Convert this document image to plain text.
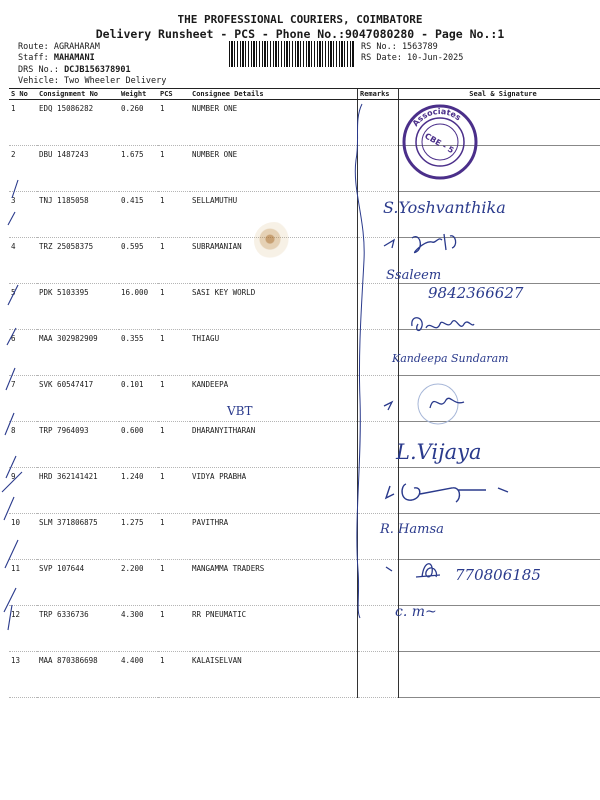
THE PROFESSIONAL COURIERS, COIMBATORE
Delivery Runsheet - PCS - Phone No.:9047080280 - Page No.:1
Route: AGRAHARAM
Staff: MAHAMANI
DRS No.: DCJB156378901
Vehicle: Two Wheeler Delivery
RS No.: 1563789
RS Date: 10-Jun-2025
S No	Consignment No	Weight	PCS	Consignee Details	Remarks	Seal & Signature
1	EDQ 15086282	0.260	1	NUMBER ONE		
2	DBU 1487243	1.675	1	NUMBER ONE		
3	TNJ 1185058	0.415	1	SELLAMUTHU		
4	TRZ 25058375	0.595	1	SUBRAMANIAN		
5	PDK 5103395	16.000	1	SASI KEY WORLD		
6	MAA 302982909	0.355	1	THIAGU		
7	SVK 60547417	0.101	1	KANDEEPA		
8	TRP 7964093	0.600	1	DHARANYITHARAN		
9	HRD 362141421	1.240	1	VIDYA PRABHA		
10	SLM 371806875	1.275	1	PAVITHRA		
11	SVP 107644	2.200	1	MANGAMMA TRADERS		
12	TRP 6336736	4.300	1	RR PNEUMATIC		
13	MAA 870386698	4.400	1	KALAISELVAN		
Associates
CBE - 5
S.Yoshvanthika
Ssaleem
9842366627
Kandeepa Sundaram
VBT
L.Vijaya
R. Hamsa
770806185
c. m~
